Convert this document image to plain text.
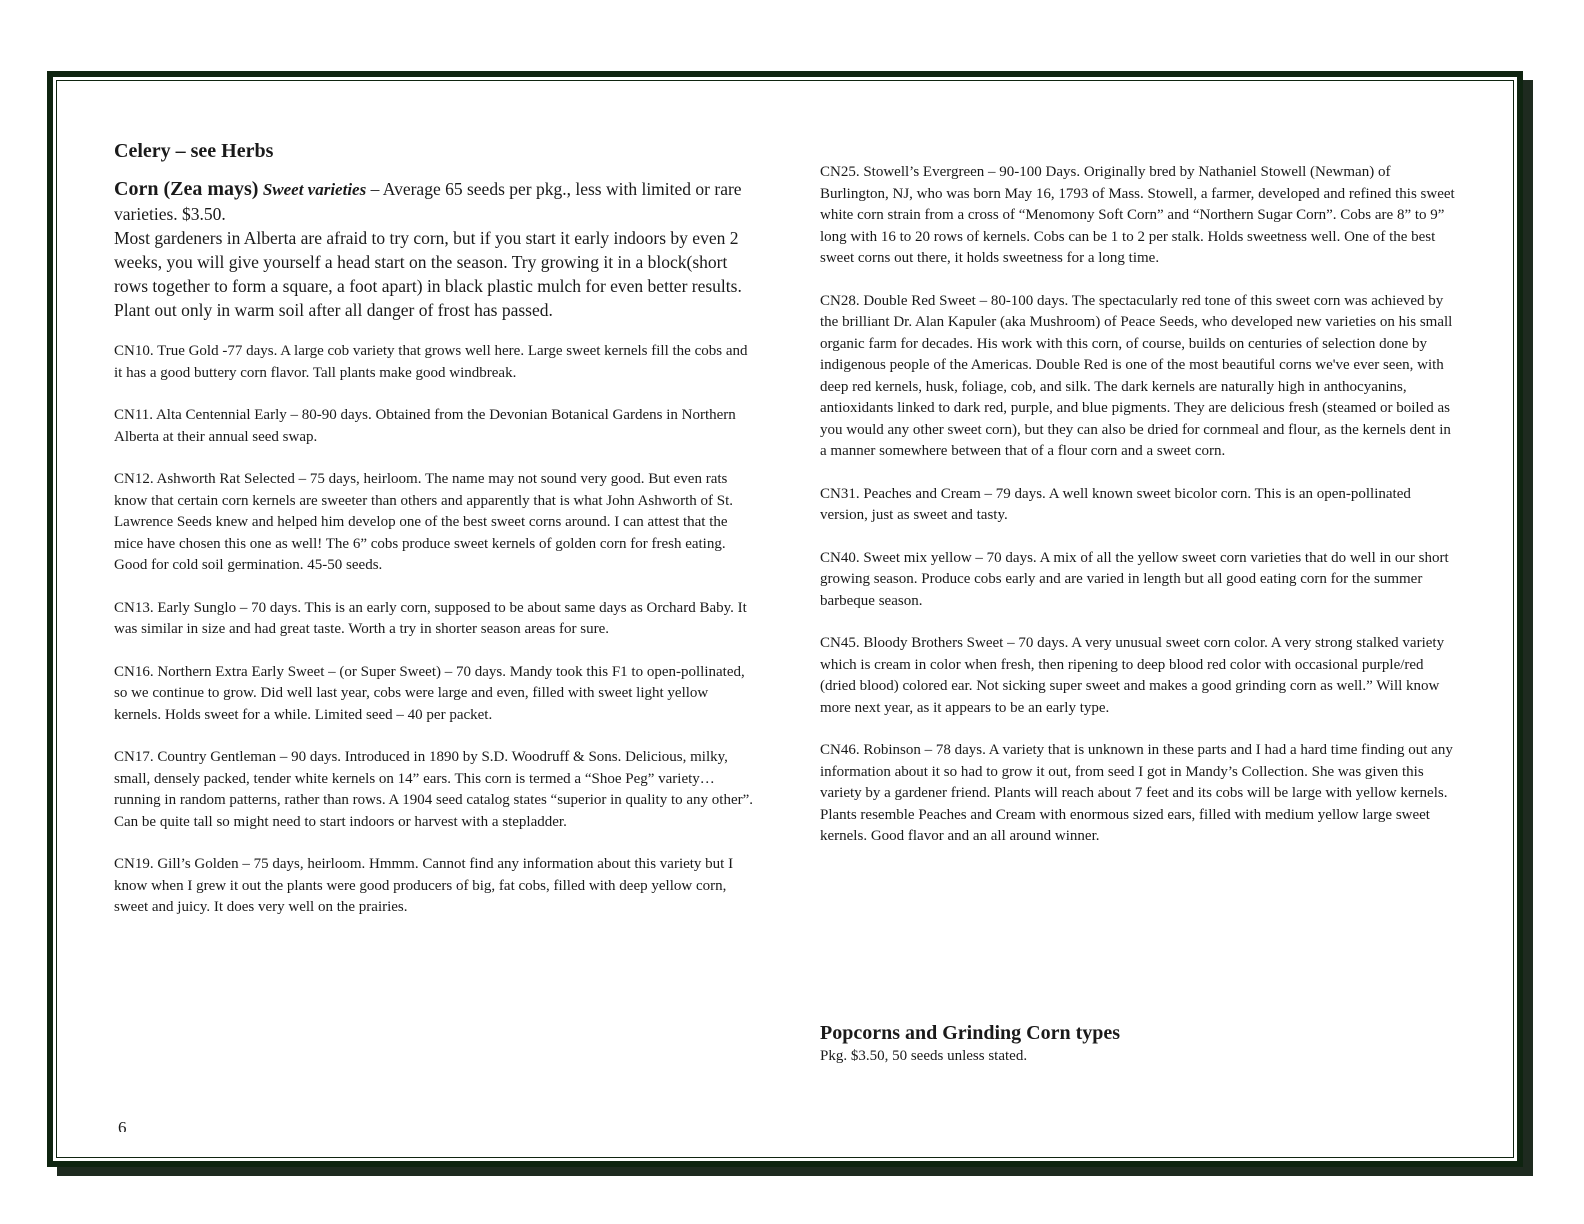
Celery – see Herbs

Corn (Zea mays) Sweet varieties – Average 65 seeds per pkg., less with limited or rare varieties. $3.50.
Most gardeners in Alberta are afraid to try corn, but if you start it early indoors by even 2 weeks, you will give yourself a head start on the season. Try growing it in a block(short rows together to form a square, a foot apart) in black plastic mulch for even better results. Plant out only in warm soil after all danger of frost has passed.

CN10. True Gold -77 days. A large cob variety that grows well here. Large sweet kernels fill the cobs and it has a good buttery corn flavor. Tall plants make good windbreak.

CN11. Alta Centennial Early – 80-90 days. Obtained from the Devonian Botanical Gardens in Northern Alberta at their annual seed swap.

CN12. Ashworth Rat Selected – 75 days, heirloom. The name may not sound very good. But even rats know that certain corn kernels are sweeter than others and apparently that is what John Ashworth of St. Lawrence Seeds knew and helped him develop one of the best sweet corns around. I can attest that the mice have chosen this one as well! The 6” cobs produce sweet kernels of golden corn for fresh eating. Good for cold soil germination. 45-50 seeds.

CN13. Early Sunglo – 70 days. This is an early corn, supposed to be about same days as Orchard Baby. It was similar in size and had great taste. Worth a try in shorter season areas for sure.

CN16. Northern Extra Early Sweet – (or Super Sweet) – 70 days. Mandy took this F1 to open-pollinated, so we continue to grow. Did well last year, cobs were large and even, filled with sweet light yellow kernels. Holds sweet for a while. Limited seed – 40 per packet.

CN17. Country Gentleman – 90 days. Introduced in 1890 by S.D. Woodruff & Sons. Delicious, milky, small, densely packed, tender white kernels on 14” ears. This corn is termed a “Shoe Peg” variety…running in random patterns, rather than rows. A 1904 seed catalog states “superior in quality to any other”. Can be quite tall so might need to start indoors or harvest with a stepladder.

CN19. Gill’s Golden – 75 days, heirloom. Hmmm. Cannot find any information about this variety but I know when I grew it out the plants were good producers of big, fat cobs, filled with deep yellow corn, sweet and juicy. It does very well on the prairies.

CN25. Stowell’s Evergreen – 90-100 Days. Originally bred by Nathaniel Stowell (Newman) of Burlington, NJ, who was born May 16, 1793 of Mass. Stowell, a farmer, developed and refined this sweet white corn strain from a cross of “Menomony Soft Corn” and “Northern Sugar Corn”. Cobs are 8” to 9” long with 16 to 20 rows of kernels. Cobs can be 1 to 2 per stalk. Holds sweetness well. One of the best sweet corns out there, it holds sweetness for a long time.

CN28. Double Red Sweet – 80-100 days. The spectacularly red tone of this sweet corn was achieved by the brilliant Dr. Alan Kapuler (aka Mushroom) of Peace Seeds, who developed new varieties on his small organic farm for decades. His work with this corn, of course, builds on centuries of selection done by indigenous people of the Americas. Double Red is one of the most beautiful corns we've ever seen, with deep red kernels, husk, foliage, cob, and silk. The dark kernels are naturally high in anthocyanins, antioxidants linked to dark red, purple, and blue pigments. They are delicious fresh (steamed or boiled as you would any other sweet corn), but they can also be dried for cornmeal and flour, as the kernels dent in a manner somewhere between that of a flour corn and a sweet corn.

CN31. Peaches and Cream – 79 days. A well known sweet bicolor corn. This is an open-pollinated version, just as sweet and tasty.

CN40. Sweet mix yellow – 70 days. A mix of all the yellow sweet corn varieties that do well in our short growing season. Produce cobs early and are varied in length but all good eating corn for the summer barbeque season.

CN45. Bloody Brothers Sweet – 70 days. A very unusual sweet corn color. A very strong stalked variety which is cream in color when fresh, then ripening to deep blood red color with occasional purple/red (dried blood) colored ear. Not sicking super sweet and makes a good grinding corn as well.” Will know more next year, as it appears to be an early type.

CN46. Robinson – 78 days. A variety that is unknown in these parts and I had a hard time finding out any information about it so had to grow it out, from seed I got in Mandy’s Collection. She was given this variety by a gardener friend. Plants will reach about 7 feet and its cobs will be large with yellow kernels. Plants resemble Peaches and Cream with enormous sized ears, filled with medium yellow large sweet kernels. Good flavor and an all around winner.

Popcorns and Grinding Corn types

Pkg. $3.50, 50 seeds unless stated.

6
